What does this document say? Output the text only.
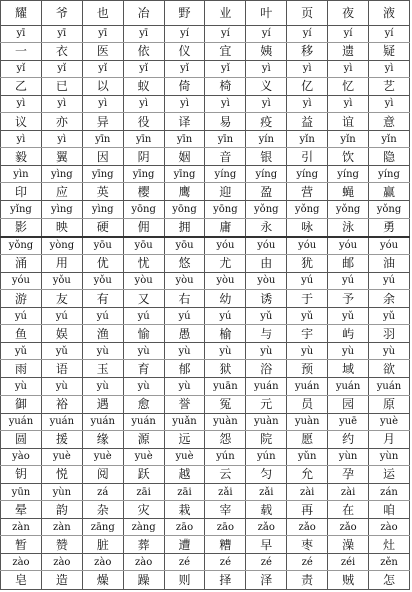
耀	爷	也	冶	野	业	叶	页	夜	液
yī	yī	yī	yī	yí	yí	yí	yí	yí	yí
一	衣	医	依	仪	宜	姨	移	遗	疑
yǐ	yǐ	yǐ	yǐ	yǐ	yǐ	yì	yì	yì	yì
乙	已	以	蚁	倚	椅	义	亿	忆	艺
yì	yì	yì	yì	yì	yì	yì	yì	yì	yì
议	亦	异	役	译	易	疫	益	谊	意
yì	yì	yīn	yīn	yīn	yīn	yín	yǐn	yǐn	yǐn
毅	翼	因	阴	姻	音	银	引	饮	隐
yìn	yìng	yīng	yīng	yīng	yíng	yíng	yíng	yíng	yíng
印	应	英	樱	鹰	迎	盈	营	蝇	赢
yǐng	yìng	yìng	yōng	yōng	yōng	yǒng	yǒng	yǒng	yǒng
影	映	硬	佣	拥	庸	永	咏	泳	勇
yǒng	yòng	yōu	yōu	yōu	yóu	yóu	yóu	yóu	yóu
涌	用	优	忧	悠	尤	由	犹	邮	油
yóu	yǒu	yǒu	yòu	yòu	yòu	yòu	yú	yú	yú
游	友	有	又	右	幼	诱	于	予	余
yú	yú	yú	yú	yú	yú	yǔ	yǔ	yǔ	yǔ
鱼	娱	渔	愉	愚	榆	与	宇	屿	羽
yǔ	yǔ	yù	yù	yù	yù	yù	yù	yù	yù
雨	语	玉	育	郁	狱	浴	预	域	欲
yù	yù	yù	yù	yù	yuān	yuán	yuán	yuán	yuán
御	裕	遇	愈	誉	冤	元	员	园	原
yuán	yuán	yuán	yuán	yuǎn	yuàn	yuàn	yuàn	yuē	yuè
圆	援	缘	源	远	怨	院	愿	约	月
yào	yuè	yuè	yuè	yuè	yún	yún	yǔn	yùn	yùn
钥	悦	阅	跃	越	云	匀	允	孕	运
yūn	yùn	zá	zāi	zāi	zǎi	zǎi	zài	zài	zán
晕	韵	杂	灾	栽	宰	载	再	在	咱
zàn	zàn	zāng	zàng	zāo	zāo	zǎo	zǎo	zǎo	zào
暂	赞	脏	葬	遭	糟	早	枣	澡	灶
zào	zào	zào	zào	zé	zé	zé	zé	zéi	zěn
皂	造	燥	躁	则	择	泽	责	贼	怎
